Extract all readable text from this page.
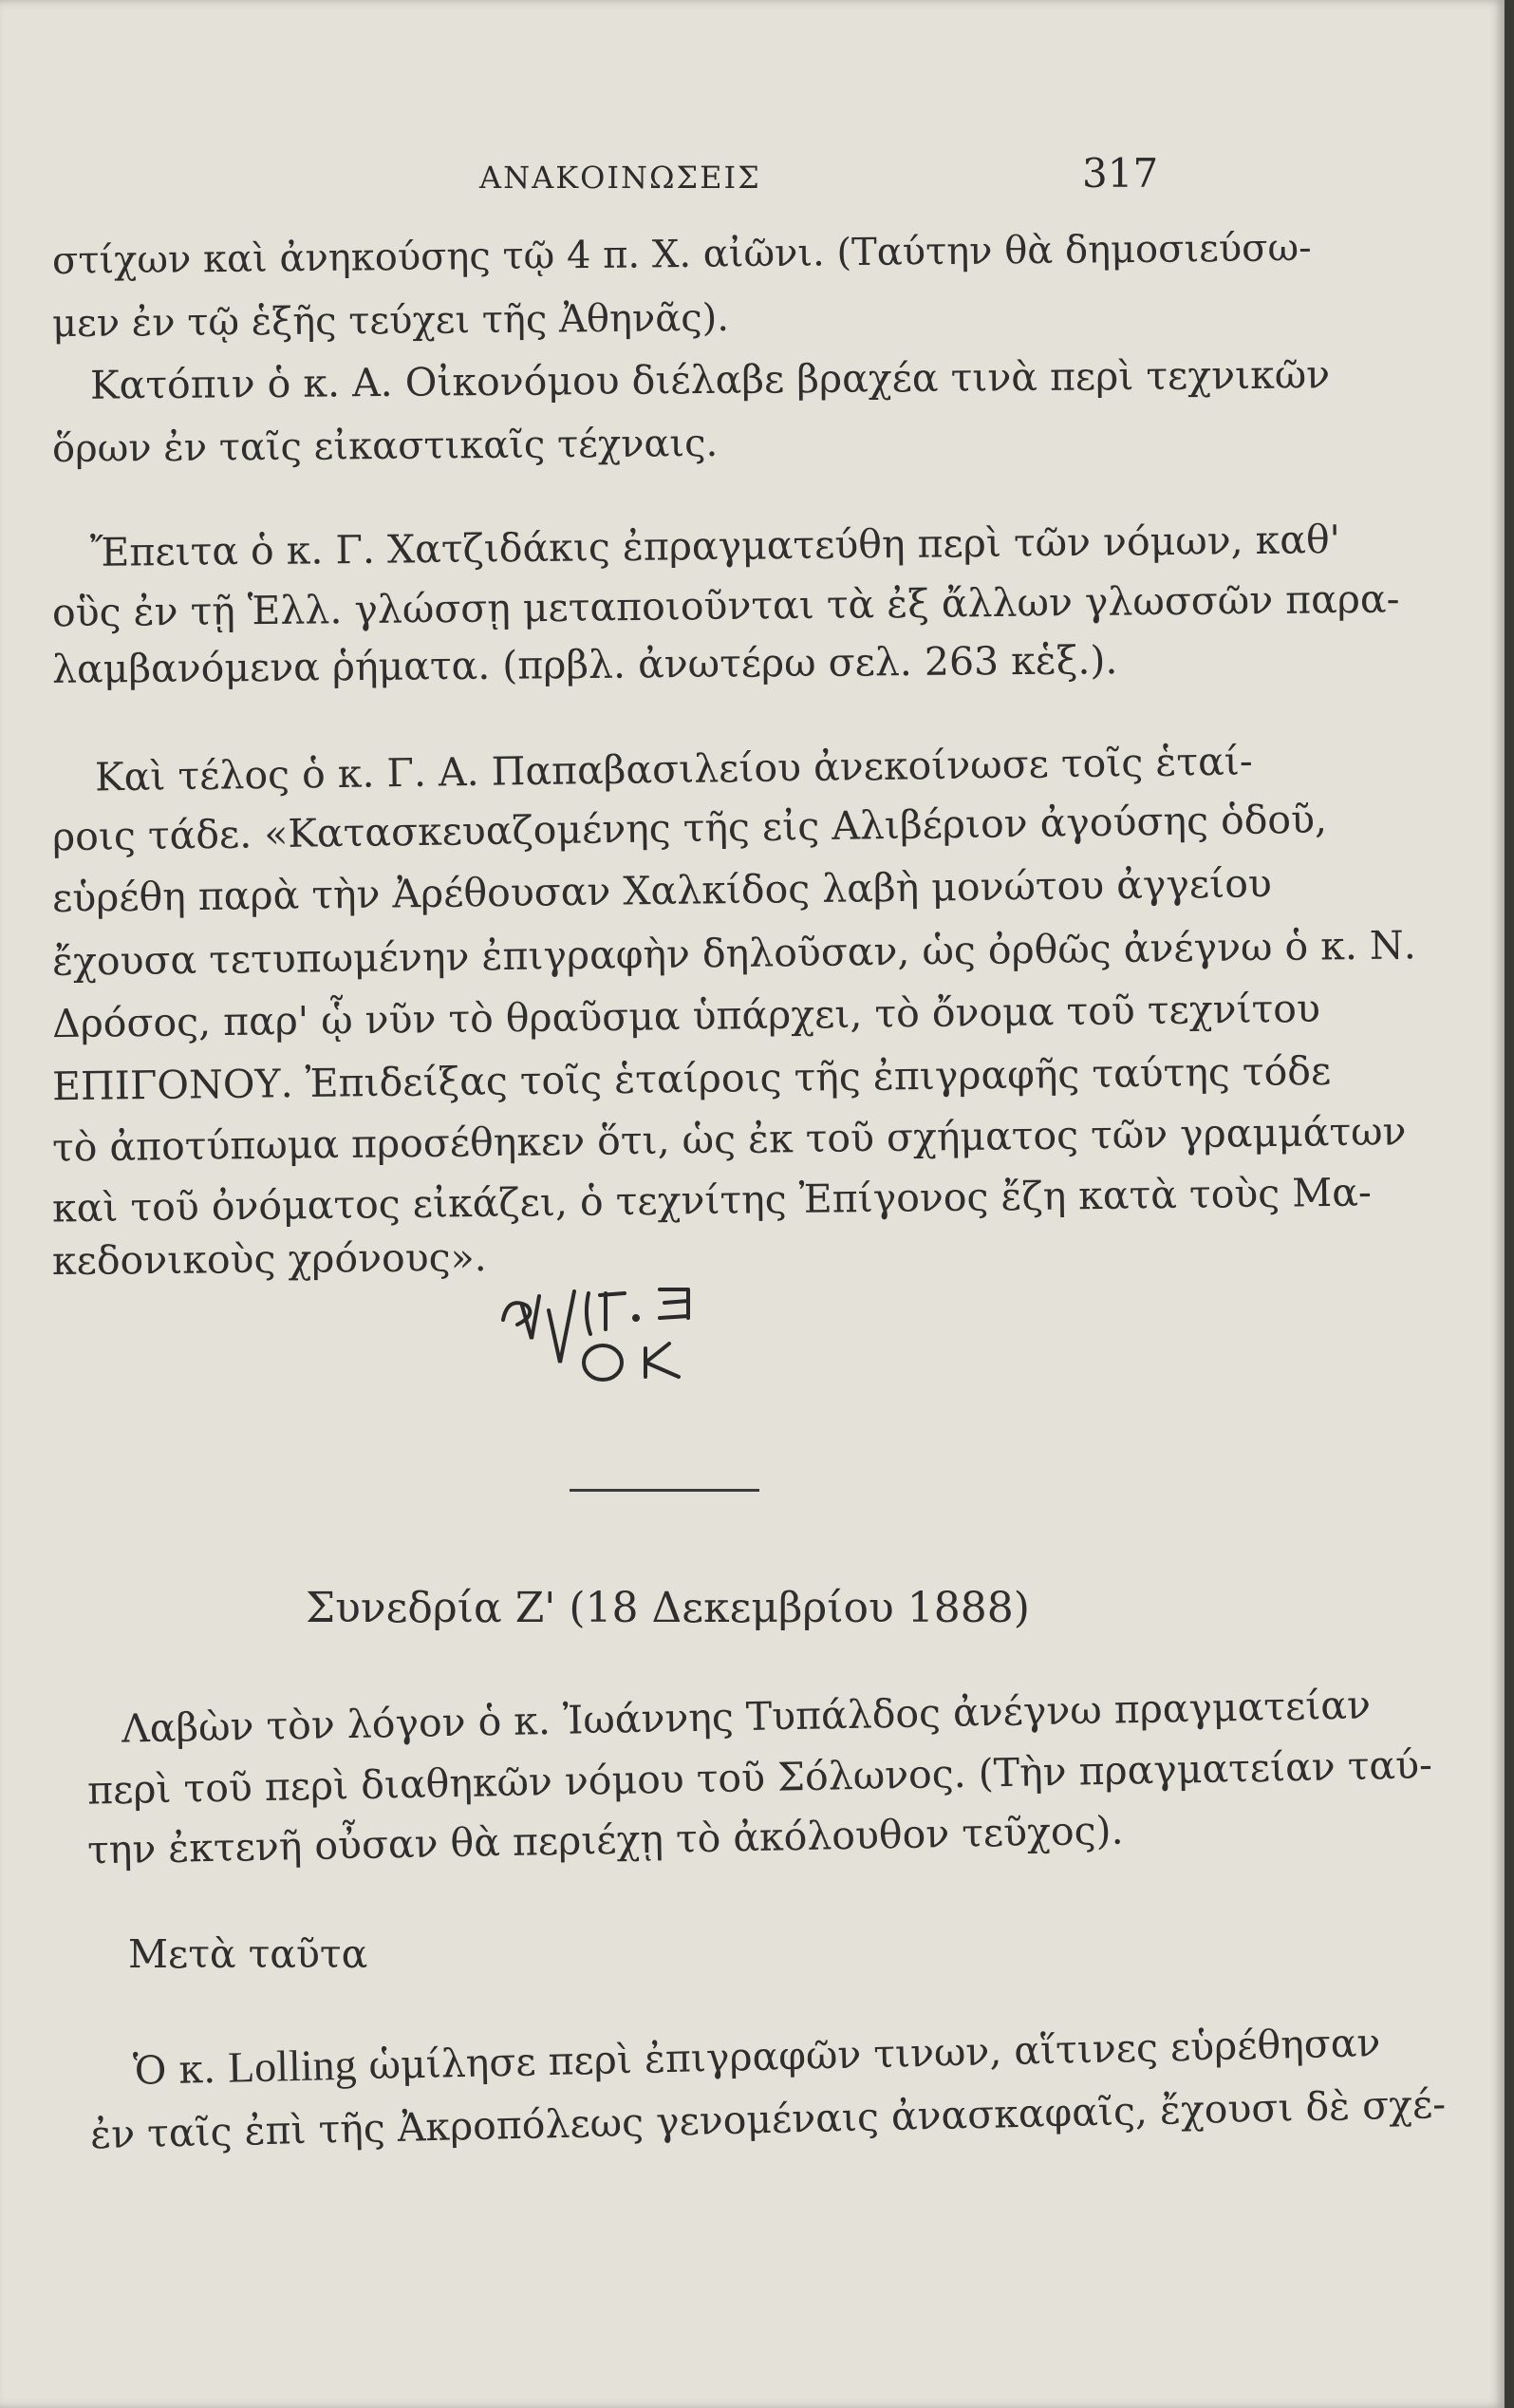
ΑΝΑΚΟΙΝΩΣΕΙΣ	317
στίχων καὶ ἀνηκούσης τῷ 4 π. Χ. αἰῶνι. (Ταύτην θὰ δημοσιεύσω-
μεν ἐν τῷ ἑξῆς τεύχει τῆς Ἀθηνᾶς).
Κατόπιν ὁ κ. Α. Οἰκονόμου διέλαβε βραχέα τινὰ περὶ τεχνικῶν
ὅρων ἐν ταῖς εἰκαστικαῖς τέχναις.
Ἔπειτα ὁ κ. Γ. Χατζιδάκις ἐπραγματεύθη περὶ τῶν νόμων, καθ'
οὓς ἐν τῇ Ἑλλ. γλώσσῃ μεταποιοῦνται τὰ ἐξ ἄλλων γλωσσῶν παρα-
λαμβανόμενα ῥήματα. (πρβλ. ἀνωτέρω σελ. 263 κἑξ.).
Καὶ τέλος ὁ κ. Γ. Α. Παπαβασιλείου ἀνεκοίνωσε τοῖς ἑταί-
ροις τάδε. «Κατασκευαζομένης τῆς εἰς Αλιβέριον ἀγούσης ὁδοῦ,
εὑρέθη παρὰ τὴν Ἀρέθουσαν Χαλκίδος λαβὴ μονώτου ἀγγείου
ἔχουσα τετυπωμένην ἐπιγραφὴν δηλοῦσαν, ὡς ὀρθῶς ἀνέγνω ὁ κ. Ν.
Δρόσος, παρ' ᾧ νῦν τὸ θραῦσμα ὑπάρχει, τὸ ὄνομα τοῦ τεχνίτου
ΕΠΙΓΟΝΟΥ. Ἐπιδείξας τοῖς ἑταίροις τῆς ἐπιγραφῆς ταύτης τόδε
τὸ ἀποτύπωμα προσέθηκεν ὅτι, ὡς ἐκ τοῦ σχήματος τῶν γραμμάτων
καὶ τοῦ ὀνόματος εἰκάζει, ὁ τεχνίτης Ἐπίγονος ἔζη κατὰ τοὺς Μα-
κεδονικοὺς χρόνους».
Συνεδρία Ζ' (18 Δεκεμβρίου 1888)
Λαβὼν τὸν λόγον ὁ κ. Ἰωάννης Τυπάλδος ἀνέγνω πραγματείαν
περὶ τοῦ περὶ διαθηκῶν νόμου τοῦ Σόλωνος. (Τὴν πραγματείαν ταύ-
την ἐκτενῆ οὖσαν θὰ περιέχῃ τὸ ἀκόλουθον τεῦχος).
Μετὰ ταῦτα
Ὁ κ. Lolling ὡμίλησε περὶ ἐπιγραφῶν τινων, αἵτινες εὑρέθησαν
ἐν ταῖς ἐπὶ τῆς Ἀκροπόλεως γενομέναις ἀνασκαφαῖς, ἔχουσι δὲ σχέ-
